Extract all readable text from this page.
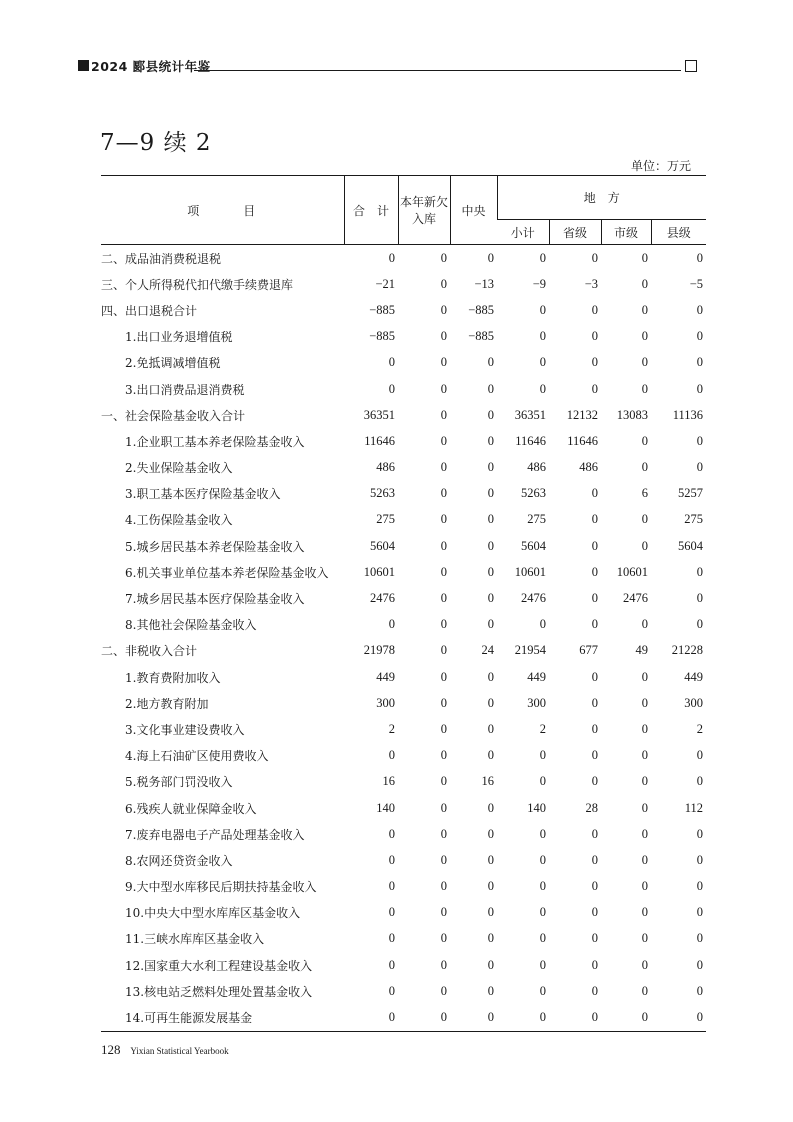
2024 郾县统计年鉴
7—9 续 2
单位：万元
项　　　目	合　计	本年新欠入库	中央	地　方			
				小计	省级	市级	县级
二、成品油消费税退税	0	0	0	0	0	0	0
三、个人所得税代扣代缴手续费退库	−21	0	−13	−9	−3	0	−5
四、出口退税合计	−885	0	−885	0	0	0	0
1.出口业务退增值税	−885	0	−885	0	0	0	0
2.免抵调减增值税	0	0	0	0	0	0	0
3.出口消费品退消费税	0	0	0	0	0	0	0
一、社会保险基金收入合计	36351	0	0	36351	12132	13083	11136
1.企业职工基本养老保险基金收入	11646	0	0	11646	11646	0	0
2.失业保险基金收入	486	0	0	486	486	0	0
3.职工基本医疗保险基金收入	5263	0	0	5263	0	6	5257
4.工伤保险基金收入	275	0	0	275	0	0	275
5.城乡居民基本养老保险基金收入	5604	0	0	5604	0	0	5604
6.机关事业单位基本养老保险基金收入	10601	0	0	10601	0	10601	0
7.城乡居民基本医疗保险基金收入	2476	0	0	2476	0	2476	0
8.其他社会保险基金收入	0	0	0	0	0	0	0
二、非税收入合计	21978	0	24	21954	677	49	21228
1.教育费附加收入	449	0	0	449	0	0	449
2.地方教育附加	300	0	0	300	0	0	300
3.文化事业建设费收入	2	0	0	2	0	0	2
4.海上石油矿区使用费收入	0	0	0	0	0	0	0
5.税务部门罚没收入	16	0	16	0	0	0	0
6.残疾人就业保障金收入	140	0	0	140	28	0	112
7.废弃电器电子产品处理基金收入	0	0	0	0	0	0	0
8.农网还贷资金收入	0	0	0	0	0	0	0
9.大中型水库移民后期扶持基金收入	0	0	0	0	0	0	0
10.中央大中型水库库区基金收入	0	0	0	0	0	0	0
11.三峡水库库区基金收入	0	0	0	0	0	0	0
12.国家重大水利工程建设基金收入	0	0	0	0	0	0	0
13.核电站乏燃料处理处置基金收入	0	0	0	0	0	0	0
14.可再生能源发展基金	0	0	0	0	0	0	0
128 Yixian Statistical Yearbook
